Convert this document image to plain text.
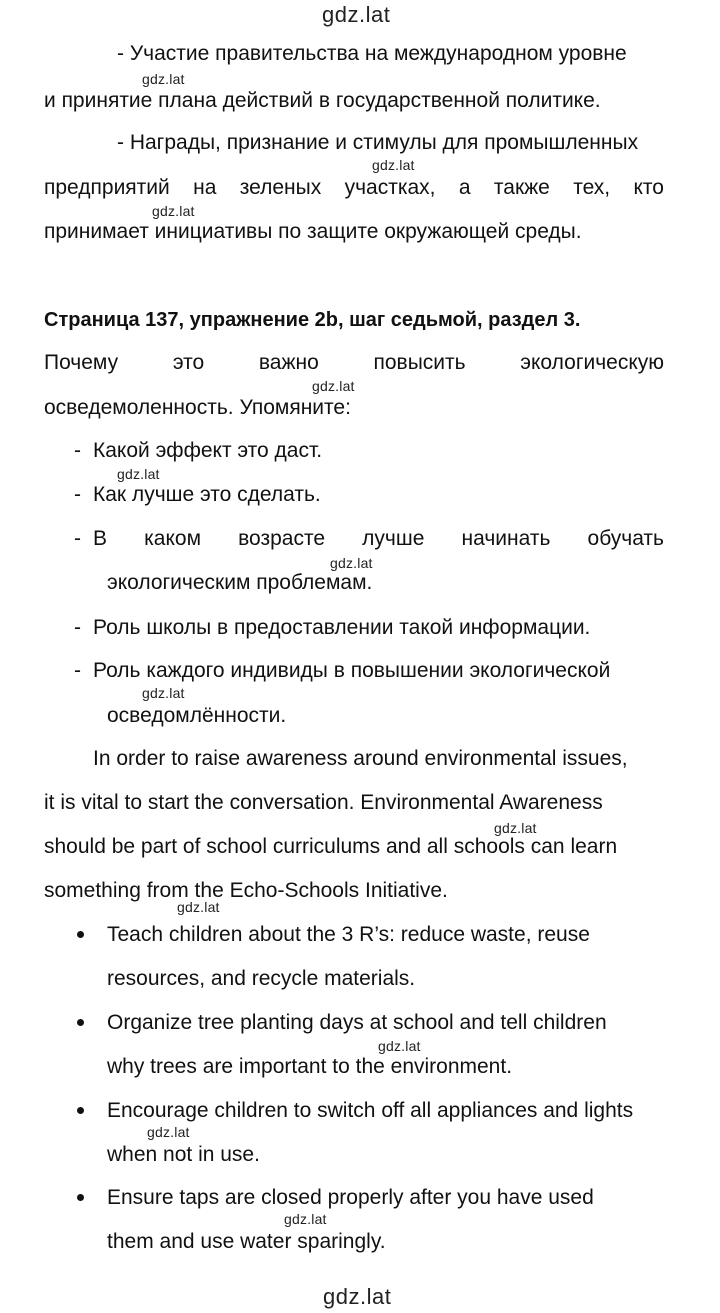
gdz.lat
gdz.lat
gdz.lat
gdz.lat
gdz.lat
gdz.lat
gdz.lat
gdz.lat
gdz.lat
gdz.lat
gdz.lat
gdz.lat
gdz.lat
gdz.lat
- Участие правительства на международном уровне
и принятие плана действий в государственной политике.
- Награды, признание и стимулы для промышленных
предприятий на зеленых участках, а также тех, кто
принимает инициативы по защите окружающей среды.
Страница 137, упражнение 2b, шаг седьмой, раздел 3.
Почему это важно повысить экологическую
осведемоленность. Упомяните:
- Какой эффект это даст.
- Как лучше это сделать.
- В каком возрасте лучше начинать обучать
экологическим проблемам.
- Роль школы в предоставлении такой информации.
- Роль каждого индивиды в повышении экологической
осведомлённости.
In order to raise awareness around environmental issues,
it is vital to start the conversation. Environmental Awareness
should be part of school curriculums and all schools can learn
something from the Echo-Schools Initiative.
Teach children about the 3 R’s: reduce waste, reuse
resources, and recycle materials.
Organize tree planting days at school and tell children
why trees are important to the environment.
Encourage children to switch off all appliances and lights
when not in use.
Ensure taps are closed properly after you have used
them and use water sparingly.
